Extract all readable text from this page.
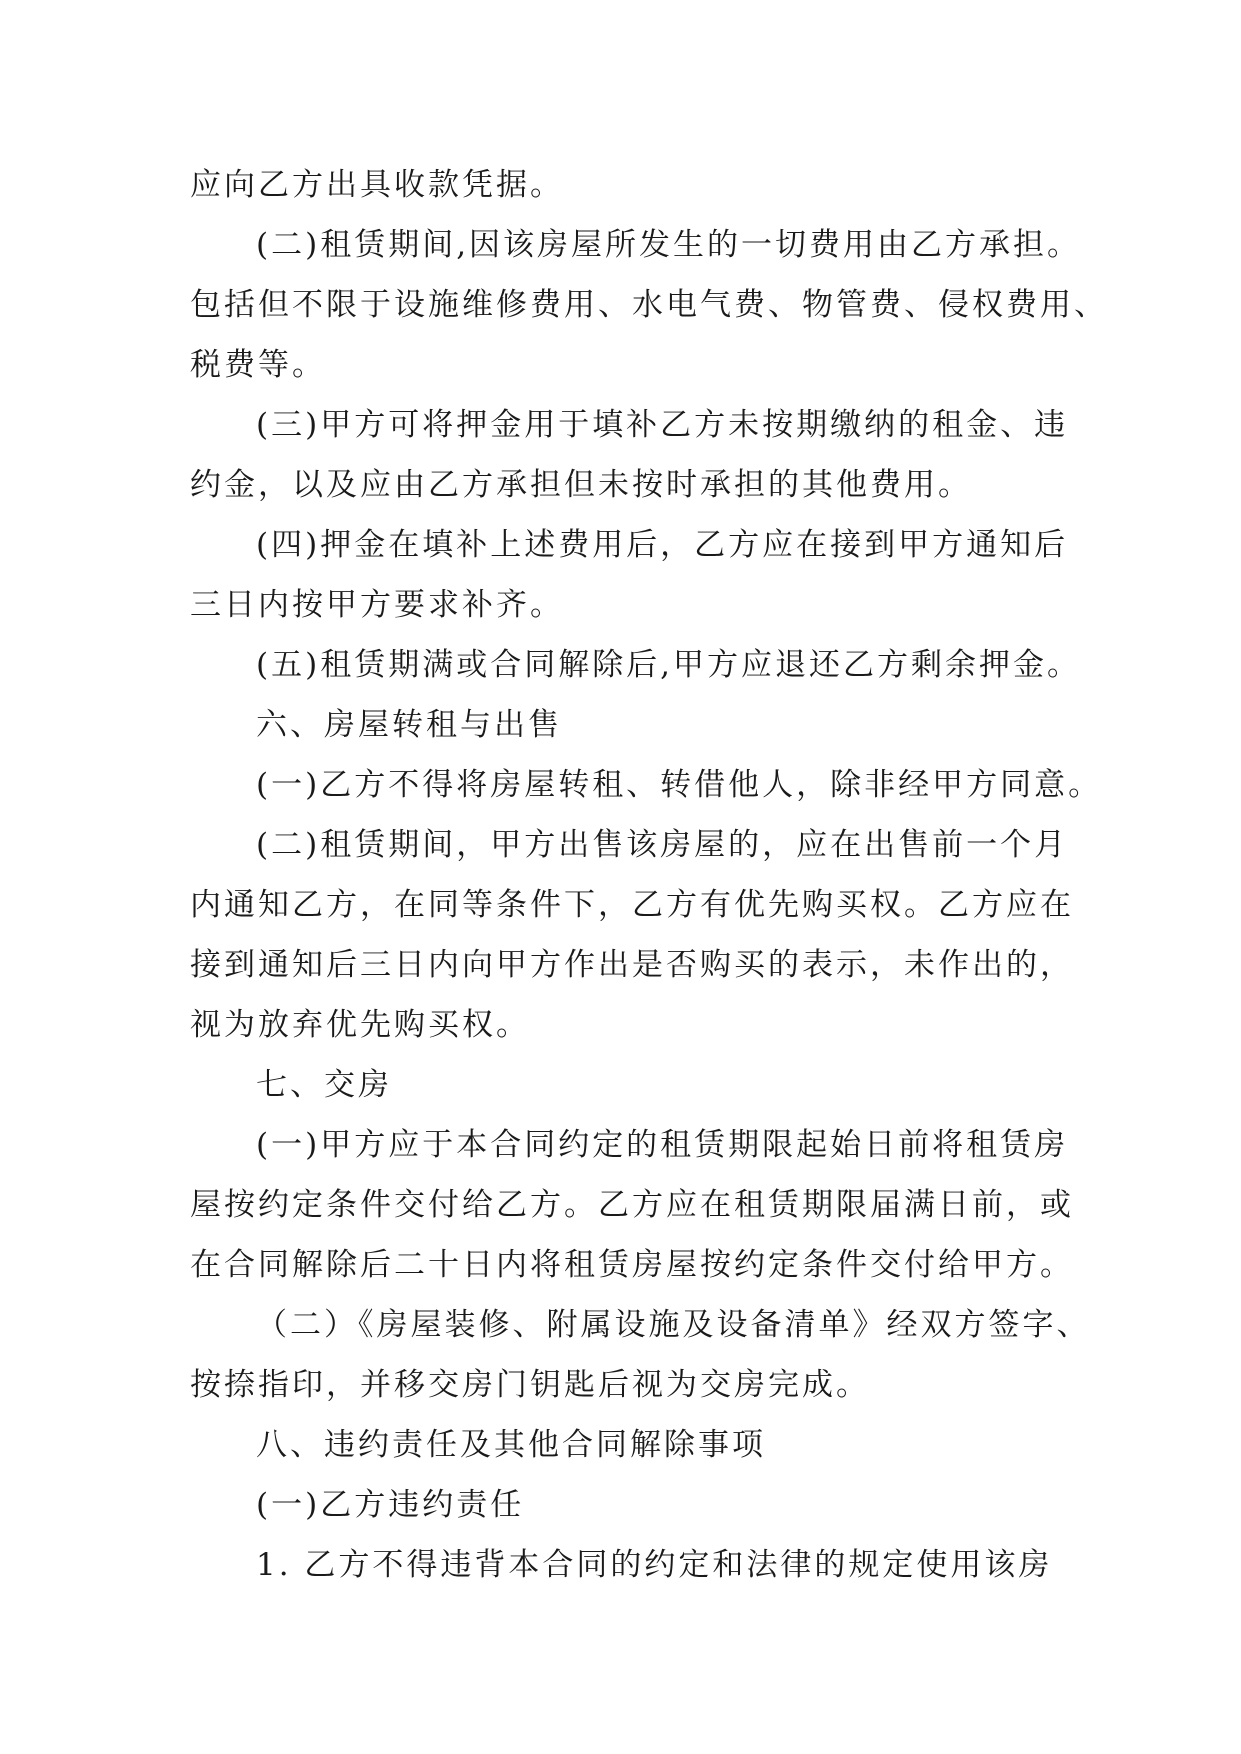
应向乙方出具收款凭据。

(二)租赁期间,因该房屋所发生的一切费用由乙方承担。

包括但不限于设施维修费用、水电气费、物管费、侵权费用、

税费等。

(三)甲方可将押金用于填补乙方未按期缴纳的租金、违

约金，以及应由乙方承担但未按时承担的其他费用。

(四)押金在填补上述费用后，乙方应在接到甲方通知后

三日内按甲方要求补齐。

(五)租赁期满或合同解除后,甲方应退还乙方剩余押金。

六、房屋转租与出售

(一)乙方不得将房屋转租、转借他人，除非经甲方同意。

(二)租赁期间，甲方出售该房屋的，应在出售前一个月

内通知乙方，在同等条件下，乙方有优先购买权。乙方应在

接到通知后三日内向甲方作出是否购买的表示，未作出的，

视为放弃优先购买权。

七、交房

(一)甲方应于本合同约定的租赁期限起始日前将租赁房

屋按约定条件交付给乙方。乙方应在租赁期限届满日前，或

在合同解除后二十日内将租赁房屋按约定条件交付给甲方。

（二）《房屋装修、附属设施及设备清单》经双方签字、

按捺指印，并移交房门钥匙后视为交房完成。

八、违约责任及其他合同解除事项

(一)乙方违约责任

1. 乙方不得违背本合同的约定和法律的规定使用该房
